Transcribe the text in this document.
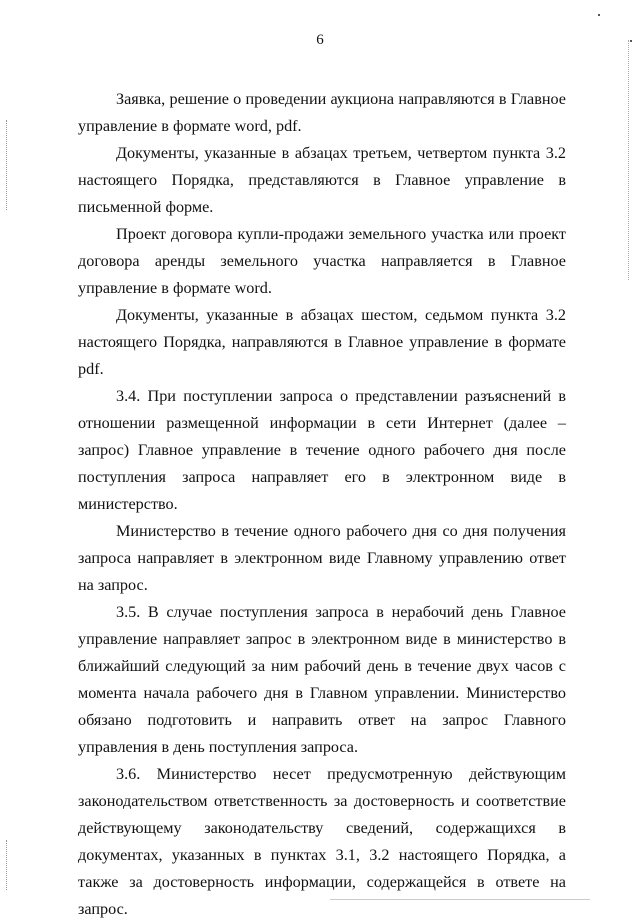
6

Заявка, решение о проведении аукциона направляются в Главное управление в формате word, pdf.

Документы, указанные в абзацах третьем, четвертом пункта 3.2 настоящего Порядка, представляются в Главное управление в письменной форме.

Проект договора купли-продажи земельного участка или проект договора аренды земельного участка направляется в Главное управление в формате word.

Документы, указанные в абзацах шестом, седьмом пункта 3.2 настоящего Порядка, направляются в Главное управление в формате pdf.

3.4. При поступлении запроса о представлении разъяснений в отношении размещенной информации в сети Интернет (далее – запрос) Главное управление в течение одного рабочего дня после поступления запроса направляет его в электронном виде в министерство.

Министерство в течение одного рабочего дня со дня получения запроса направляет в электронном виде Главному управлению ответ на запрос.

3.5. В случае поступления запроса в нерабочий день Главное управление направляет запрос в электронном виде в министерство в ближайший следующий за ним рабочий день в течение двух часов с момента начала рабочего дня в Главном управлении. Министерство обязано подготовить и направить ответ на запрос Главного управления в день поступления запроса.

3.6. Министерство несет предусмотренную действующим законодательством ответственность за достоверность и соответствие действующему законодательству сведений, содержащихся в документах, указанных в пунктах 3.1, 3.2 настоящего Порядка, а также за достоверность информации, содержащейся в ответе на запрос.
